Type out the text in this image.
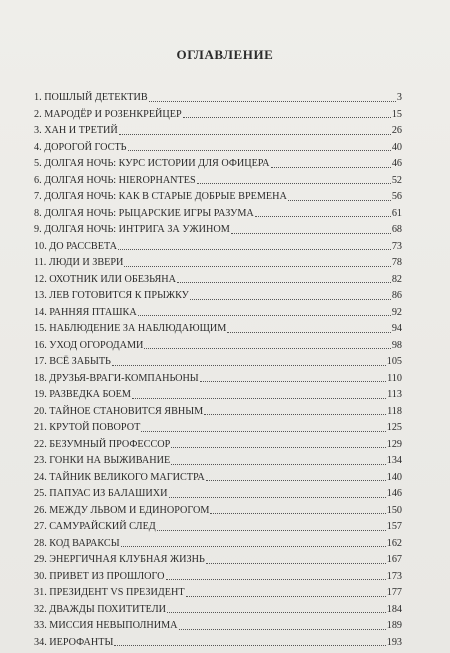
ОГЛАВЛЕНИЕ
1. ПОШЛЫЙ ДЕТЕКТИВ	3
2. МАРОДЁР И РОЗЕНКРЕЙЦЕР	15
3. ХАН И ТРЕТИЙ	26
4. ДОРОГОЙ ГОСТЬ	40
5. ДОЛГАЯ НОЧЬ: КУРС ИСТОРИИ ДЛЯ ОФИЦЕРА	46
6. ДОЛГАЯ НОЧЬ: HIEROPHANTES	52
7. ДОЛГАЯ НОЧЬ: КАК В СТАРЫЕ ДОБРЫЕ ВРЕМЕНА	56
8. ДОЛГАЯ НОЧЬ: РЫЦАРСКИЕ ИГРЫ РАЗУМА	61
9. ДОЛГАЯ НОЧЬ: ИНТРИГА ЗА УЖИНОМ	68
10. ДО РАССВЕТА	73
11. ЛЮДИ И ЗВЕРИ	78
12. ОХОТНИК ИЛИ ОБЕЗЬЯНА	82
13. ЛЕВ ГОТОВИТСЯ К ПРЫЖКУ	86
14. РАННЯЯ ПТАШКА	92
15. НАБЛЮДЕНИЕ ЗА НАБЛЮДАЮЩИМ	94
16. УХОД ОГОРОДАМИ	98
17. ВСЁ ЗАБЫТЬ	105
18. ДРУЗЬЯ-ВРАГИ-КОМПАНЬОНЫ	110
19. РАЗВЕДКА БОЕМ	113
20. ТАЙНОЕ СТАНОВИТСЯ ЯВНЫМ	118
21. КРУТОЙ ПОВОРОТ	125
22. БЕЗУМНЫЙ ПРОФЕССОР	129
23. ГОНКИ НА ВЫЖИВАНИЕ	134
24. ТАЙНИК ВЕЛИКОГО МАГИСТРА	140
25. ПАПУАС ИЗ БАЛАШИХИ	146
26. МЕЖДУ ЛЬВОМ И ЕДИНОРОГОМ	150
27. САМУРАЙСКИЙ СЛЕД	157
28. КОД ВАРАКСЫ	162
29. ЭНЕРГИЧНАЯ КЛУБНАЯ ЖИЗНЬ	167
30. ПРИВЕТ ИЗ ПРОШЛОГО	173
31. ПРЕЗИДЕНТ VS ПРЕЗИДЕНТ	177
32. ДВАЖДЫ ПОХИТИТЕЛИ	184
33. МИССИЯ НЕВЫПОЛНИМА	189
34. ИЕРОФАНТЫ	193
